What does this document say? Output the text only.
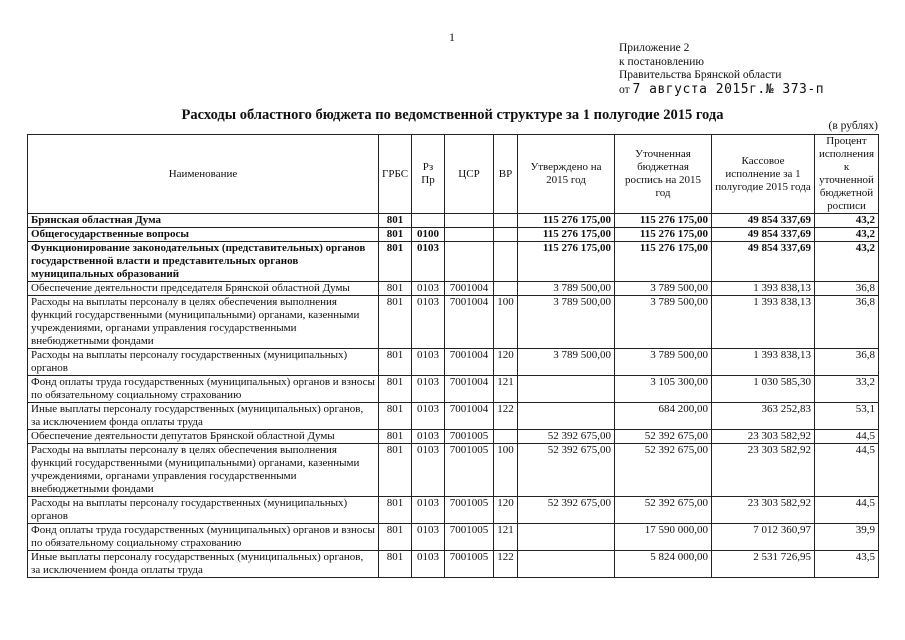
1
Приложение 2
к постановлению
Правительства Брянской области
от 7 августа 2015г.№ 373-п
Расходы областного бюджета по ведомственной структуре за 1 полугодие 2015 года
(в рублях)
Наименование	ГРБС	Рз Пр	ЦСР	ВР	Утверждено на 2015 год	Уточненная бюджетная роспись на 2015 год	Кассовое исполнение за 1 полугодие 2015 года	Процент исполнения к уточненной бюджетной росписи
Брянская областная Дума	801				115 276 175,00	115 276 175,00	49 854 337,69	43,2
Общегосударственные вопросы	801	0100			115 276 175,00	115 276 175,00	49 854 337,69	43,2
Функционирование законодательных (представительных) органов государственной власти и представительных органов муниципальных образований	801	0103			115 276 175,00	115 276 175,00	49 854 337,69	43,2
Обеспечение деятельности председателя Брянской областной Думы	801	0103	7001004		3 789 500,00	3 789 500,00	1 393 838,13	36,8
Расходы на выплаты персоналу в целях обеспечения выполнения функций государственными (муниципальными) органами, казенными учреждениями, органами управления государственными внебюджетными фондами	801	0103	7001004	100	3 789 500,00	3 789 500,00	1 393 838,13	36,8
Расходы на выплаты персоналу государственных (муниципальных) органов	801	0103	7001004	120	3 789 500,00	3 789 500,00	1 393 838,13	36,8
Фонд оплаты труда государственных (муниципальных) органов и взносы по обязательному социальному страхованию	801	0103	7001004	121		3 105 300,00	1 030 585,30	33,2
Иные выплаты персоналу государственных (муниципальных) органов, за исключением фонда оплаты труда	801	0103	7001004	122		684 200,00	363 252,83	53,1
Обеспечение деятельности депутатов Брянской областной Думы	801	0103	7001005		52 392 675,00	52 392 675,00	23 303 582,92	44,5
Расходы на выплаты персоналу в целях обеспечения выполнения функций государственными (муниципальными) органами, казенными учреждениями, органами управления государственными внебюджетными фондами	801	0103	7001005	100	52 392 675,00	52 392 675,00	23 303 582,92	44,5
Расходы на выплаты персоналу государственных (муниципальных) органов	801	0103	7001005	120	52 392 675,00	52 392 675,00	23 303 582,92	44,5
Фонд оплаты труда государственных (муниципальных) органов и взносы по обязательному социальному страхованию	801	0103	7001005	121		17 590 000,00	7 012 360,97	39,9
Иные выплаты персоналу государственных (муниципальных) органов, за исключением фонда оплаты труда	801	0103	7001005	122		5 824 000,00	2 531 726,95	43,5
